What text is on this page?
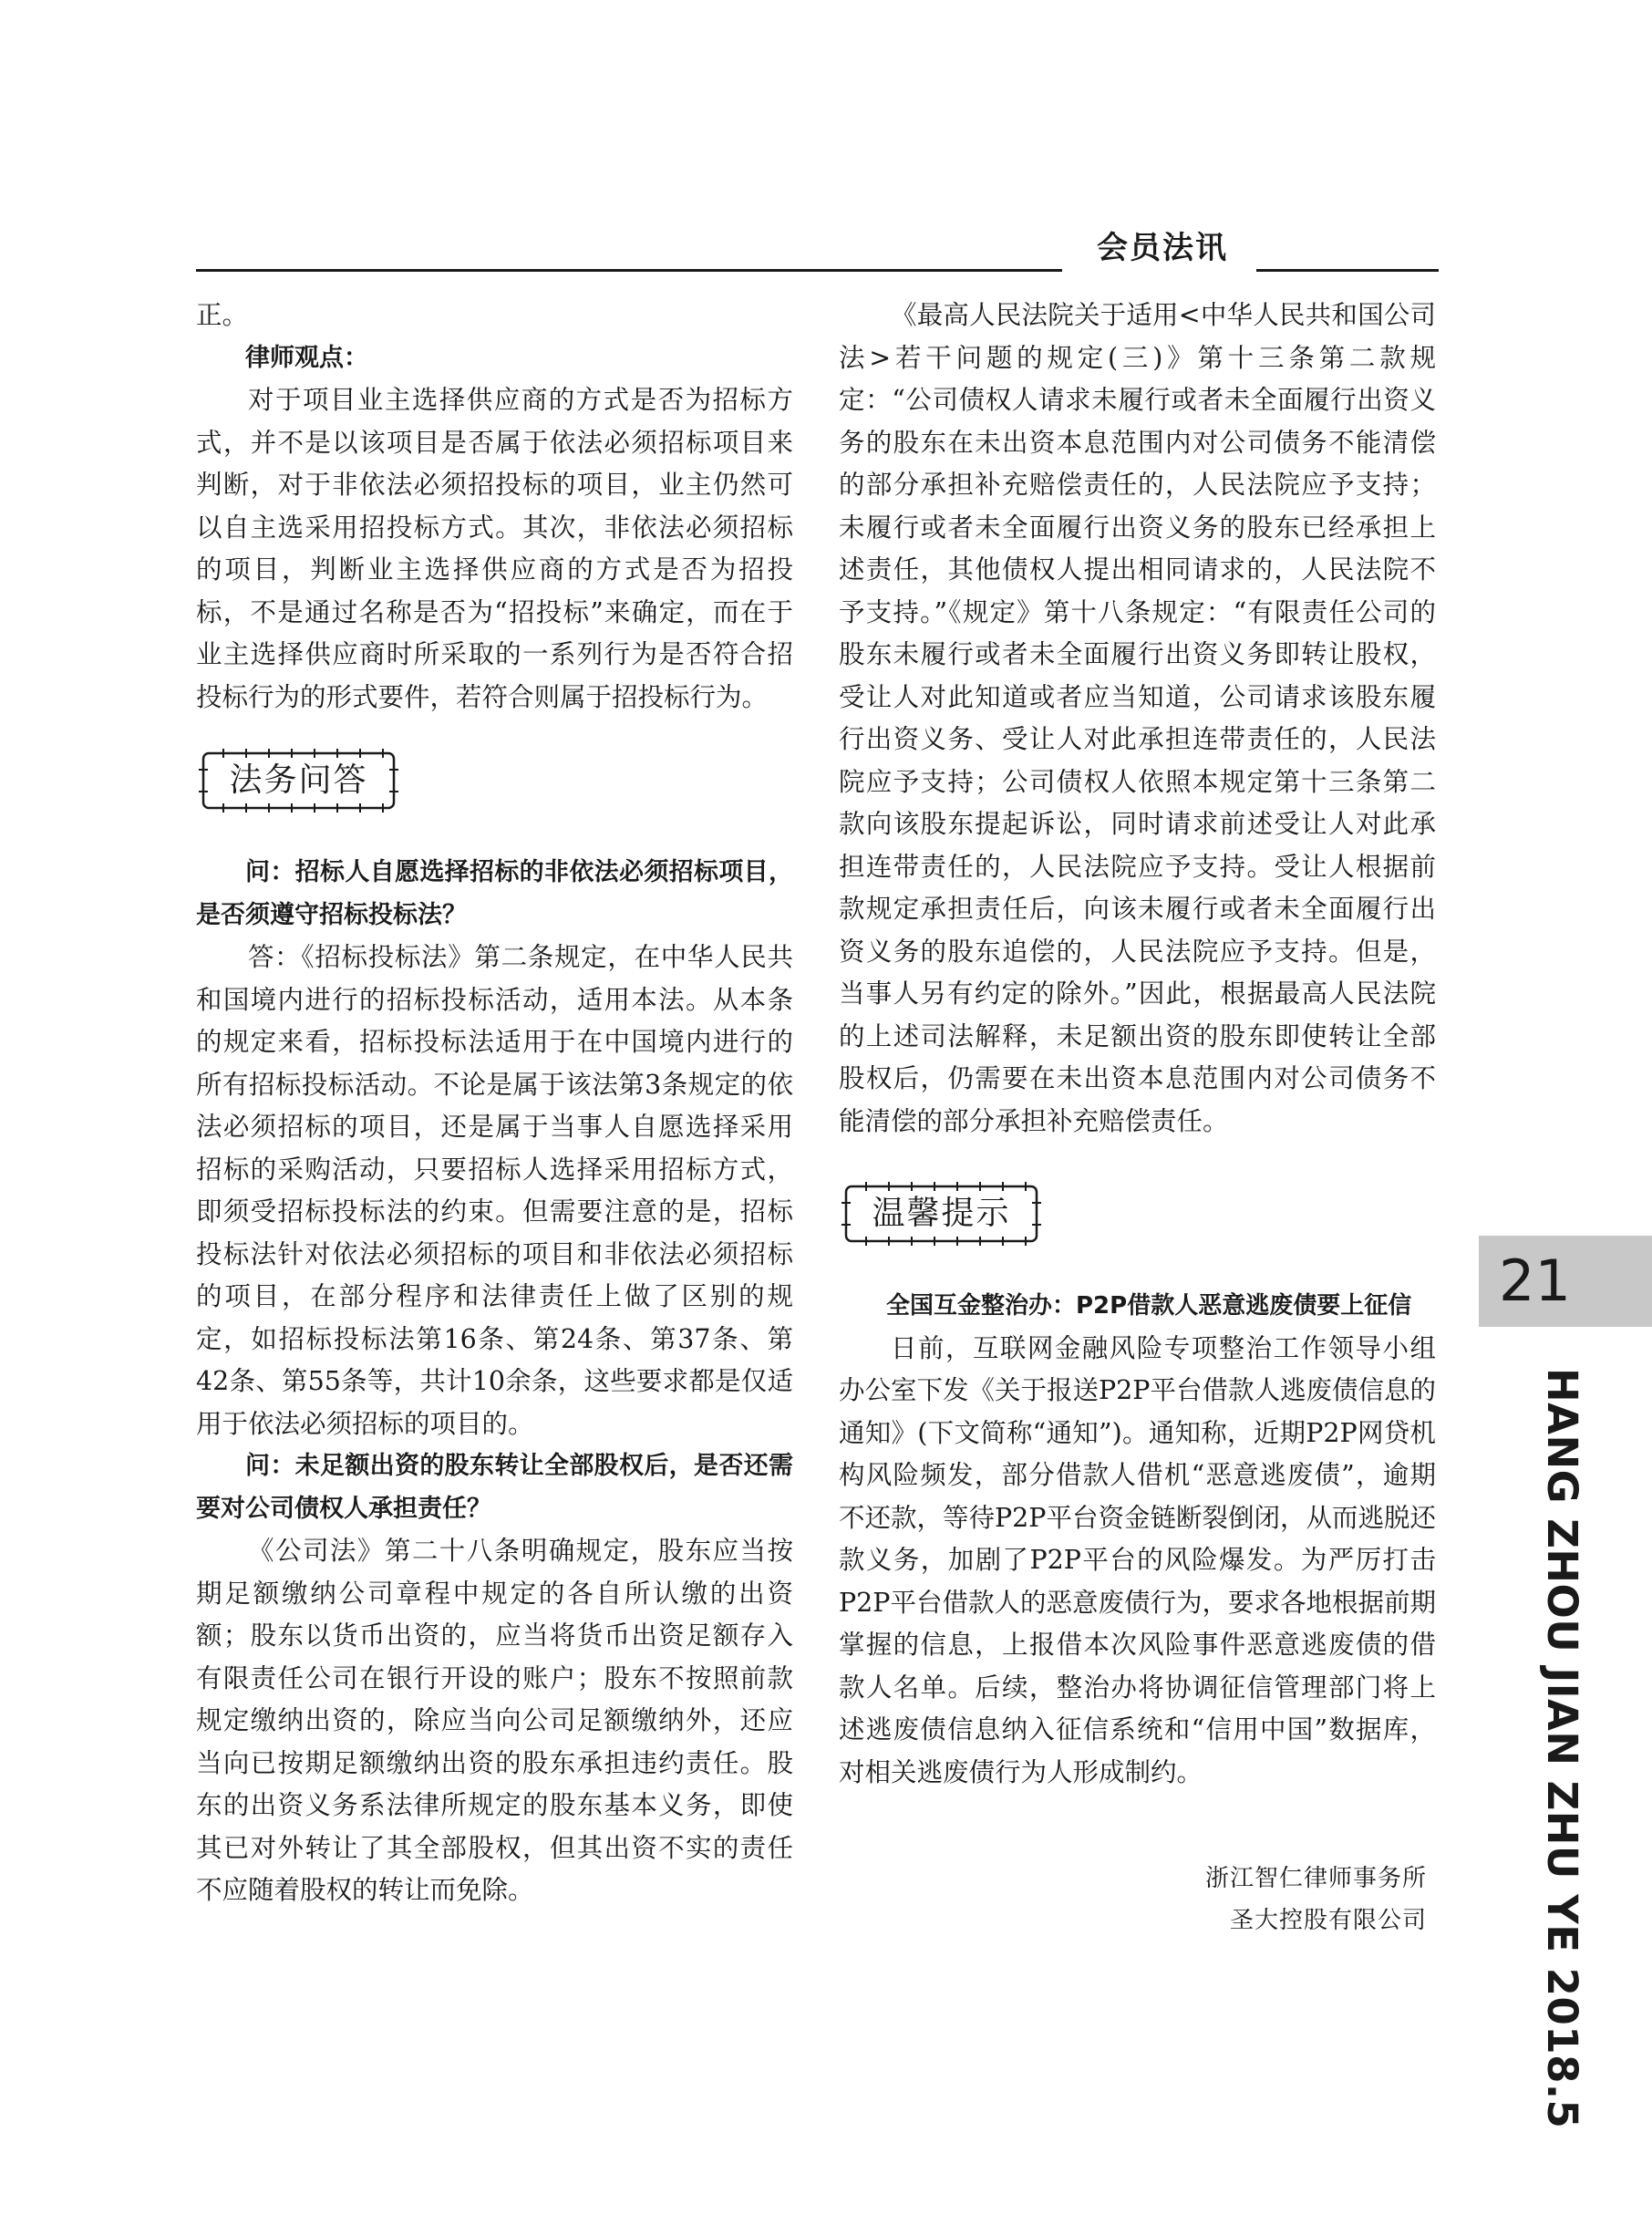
会员法讯

正。

律师观点：

对于项目业主选择供应商的方式是否为招标方式，并不是以该项目是否属于依法必须招标项目来判断，对于非依法必须招投标的项目，业主仍然可以自主选采用招投标方式。其次，非依法必须招标的项目，判断业主选择供应商的方式是否为招投标，不是通过名称是否为“招投标”来确定，而在于业主选择供应商时所采取的一系列行为是否符合招投标行为的形式要件，若符合则属于招投标行为。

法务问答

问：招标人自愿选择招标的非依法必须招标项目，是否须遵守招标投标法？

答：《招标投标法》第二条规定，在中华人民共和国境内进行的招标投标活动，适用本法。从本条的规定来看，招标投标法适用于在中国境内进行的所有招标投标活动。不论是属于该法第3条规定的依法必须招标的项目，还是属于当事人自愿选择采用招标的采购活动，只要招标人选择采用招标方式，即须受招标投标法的约束。但需要注意的是，招标投标法针对依法必须招标的项目和非依法必须招标的项目，在部分程序和法律责任上做了区别的规定，如招标投标法第16条、第24条、第37条、第42条、第55条等，共计10余条，这些要求都是仅适用于依法必须招标的项目的。

问：未足额出资的股东转让全部股权后，是否还需要对公司债权人承担责任？

《公司法》第二十八条明确规定，股东应当按期足额缴纳公司章程中规定的各自所认缴的出资额；股东以货币出资的，应当将货币出资足额存入有限责任公司在银行开设的账户；股东不按照前款规定缴纳出资的，除应当向公司足额缴纳外，还应当向已按期足额缴纳出资的股东承担违约责任。股东的出资义务系法律所规定的股东基本义务，即使其已对外转让了其全部股权，但其出资不实的责任不应随着股权的转让而免除。

《最高人民法院关于适用<中华人民共和国公司法>若干问题的规定(三)》第十三条第二款规定：“公司债权人请求未履行或者未全面履行出资义务的股东在未出资本息范围内对公司债务不能清偿的部分承担补充赔偿责任的，人民法院应予支持；未履行或者未全面履行出资义务的股东已经承担上述责任，其他债权人提出相同请求的，人民法院不予支持。”《规定》第十八条规定：“有限责任公司的股东未履行或者未全面履行出资义务即转让股权，受让人对此知道或者应当知道，公司请求该股东履行出资义务、受让人对此承担连带责任的，人民法院应予支持；公司债权人依照本规定第十三条第二款向该股东提起诉讼，同时请求前述受让人对此承担连带责任的，人民法院应予支持。受让人根据前款规定承担责任后，向该未履行或者未全面履行出资义务的股东追偿的，人民法院应予支持。但是，当事人另有约定的除外。”因此，根据最高人民法院的上述司法解释，未足额出资的股东即使转让全部股权后，仍需要在未出资本息范围内对公司债务不能清偿的部分承担补充赔偿责任。

温馨提示

全国互金整治办：P2P借款人恶意逃废债要上征信

日前，互联网金融风险专项整治工作领导小组办公室下发《关于报送P2P平台借款人逃废债信息的通知》(下文简称“通知”)。通知称，近期P2P网贷机构风险频发，部分借款人借机“恶意逃废债”，逾期不还款，等待P2P平台资金链断裂倒闭，从而逃脱还款义务，加剧了P2P平台的风险爆发。为严厉打击P2P平台借款人的恶意废债行为，要求各地根据前期掌握的信息，上报借本次风险事件恶意逃废债的借款人名单。后续，整治办将协调征信管理部门将上述逃废债信息纳入征信系统和“信用中国”数据库，对相关逃废债行为人形成制约。

浙江智仁律师事务所
圣大控股有限公司
21
HANG ZHOU JIAN ZHU YE 2018.5
